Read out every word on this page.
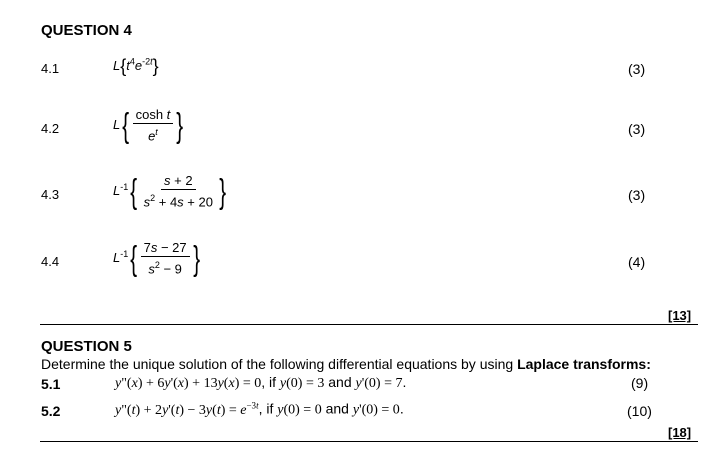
QUESTION 4
4.1	$L\{t^4e^{-2t}\}$	(3)
4.2	$L\{ \frac{\text{cosh t}}{e^t}$ }	(3)
4.3	$L^{-1}\{ \frac{s + 2}{s^2 + 4s + 20}$ }	(3)
4.4	$L^{-1}\{ \frac{7s - 27}{s^2 - 9}$ }	(4)
[13]
QUESTION 5
Determine the unique solution of the following differential equations by using Laplace transforms:
5.1	y"(x) + 6y'(x) + 13y(x) = 0, if y(0) = 3 and y'(0) = 7.	(9)
5.2	y"(t) + $2y'(t) - 3y(t) = e^{-3t}$, if y(0) = 0 and y'(0) = 0.	(10)
[18]
